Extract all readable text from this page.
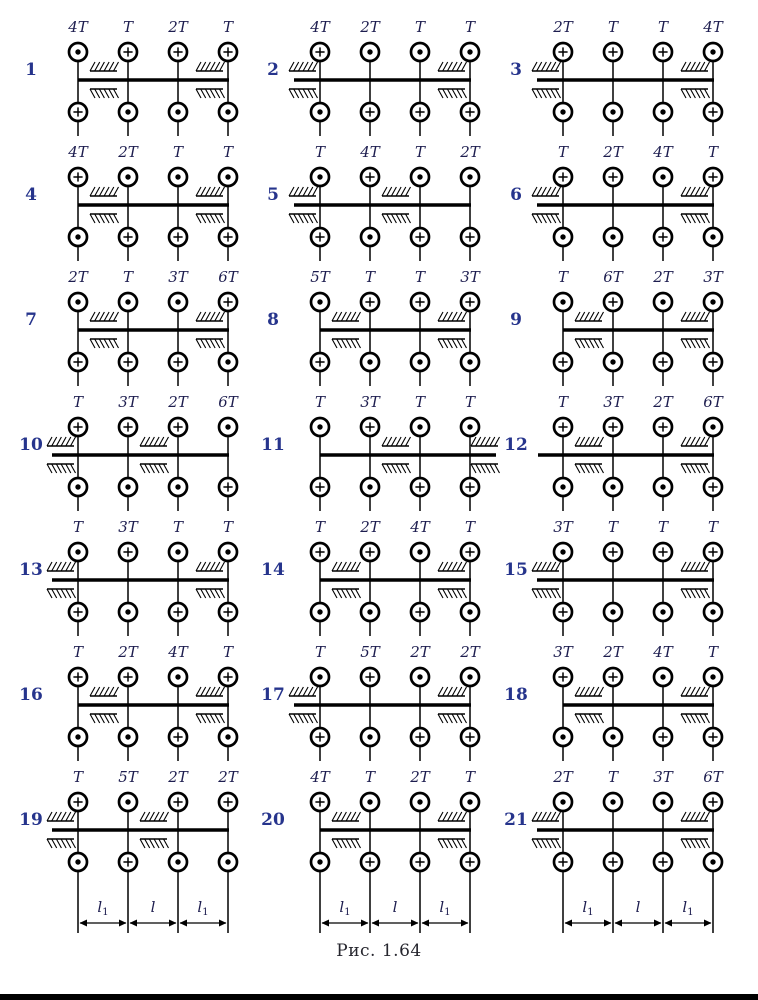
4T T 2T T
1
4T 2T T	T
2
2T T	T 4T
3
4T 2T T	T
4
T 4T T 2T
5
T 2T 4T T
6
2T T 3T 6T
7
5T T	T 3T
8
T 6T 2T 3T
9
T 3T 2T 6T
10
T 3T T	T
11
T 3T 2T 6T
12
T 3T T	T
13
T 2T 4T T
14
3T T	T	T
15
T 2T 4T T
16
T 5T 2T 2T
17
3T 2T 4T T
18
T 5T 2T 2T
19
4T T 2T T
20
2T T 3T 6T
21
$l_1$	l	$l_1$	$l_1$	l	$l_1$	$l_1$	l	$l_1$
Рис. 1.64
